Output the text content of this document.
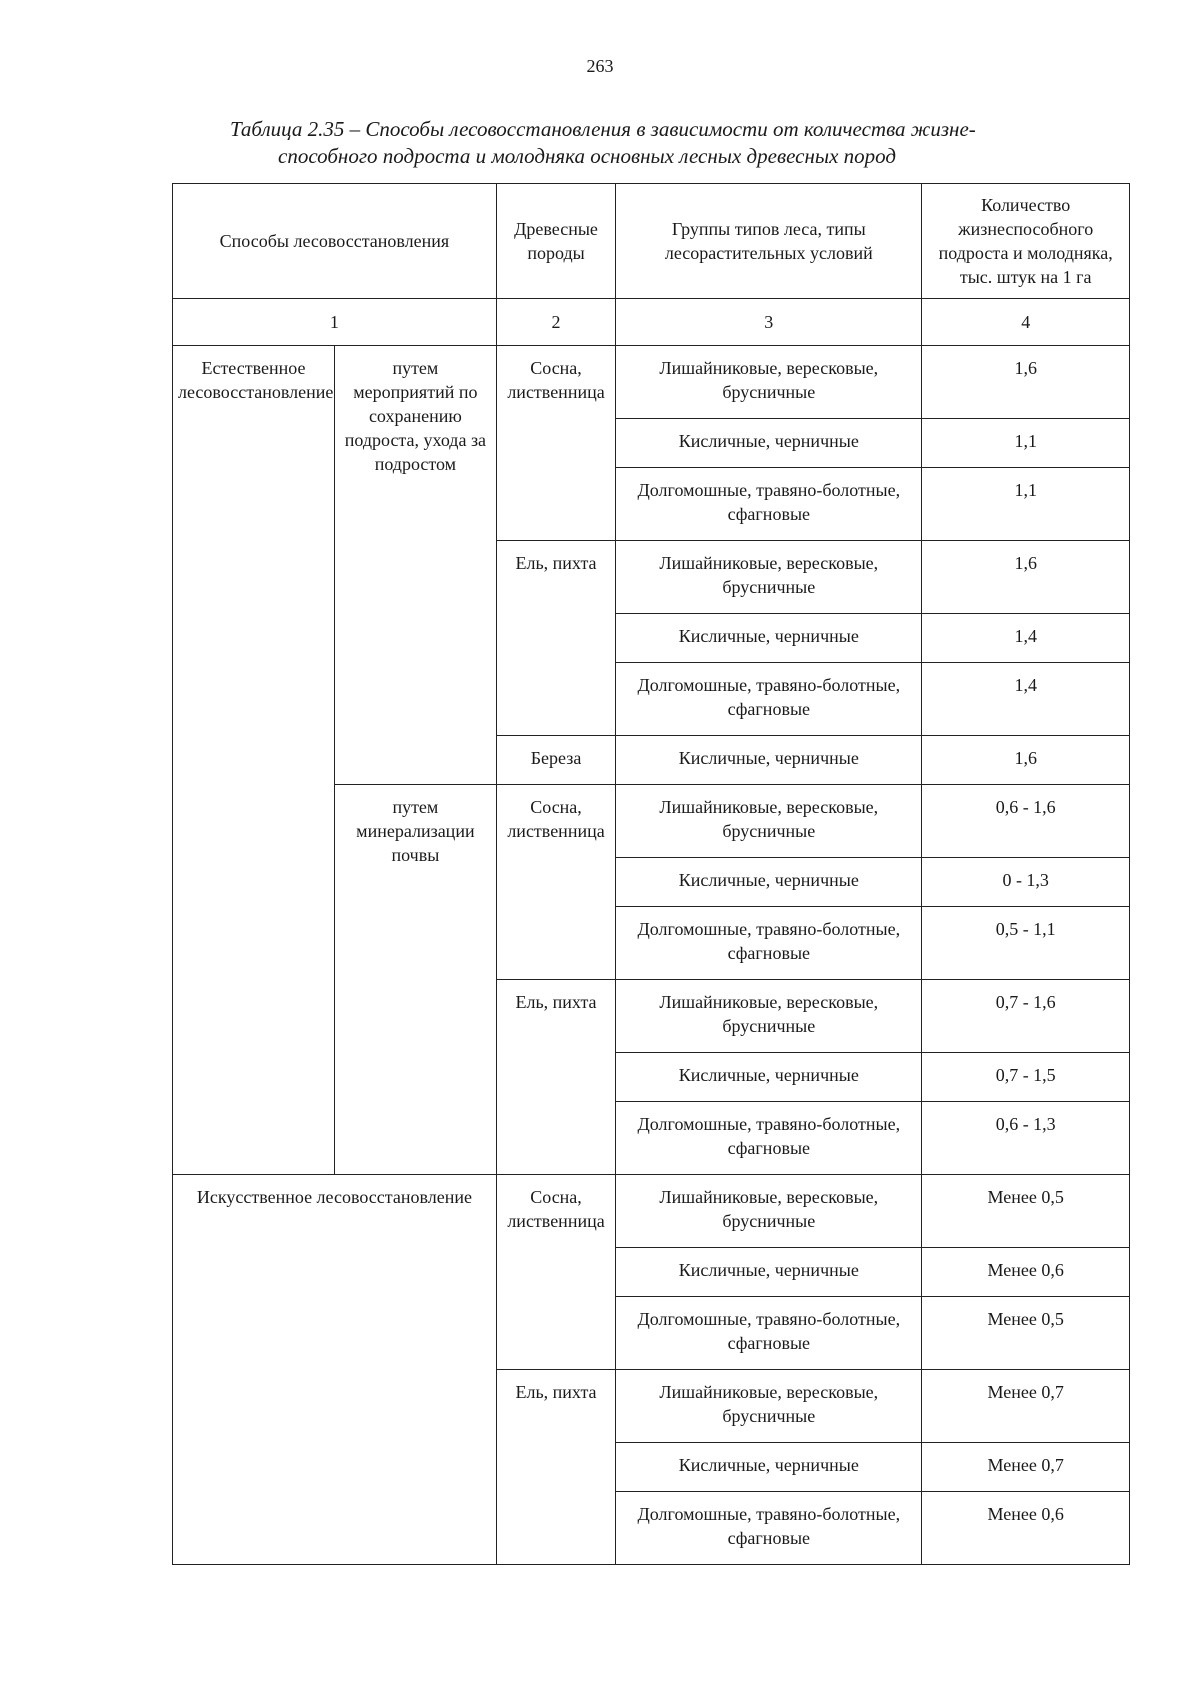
263
Таблица 2.35 – Способы лесовосстановления в зависимости от количества жизне-
способного подроста и молодняка основных лесных древесных пород
Способы лесовосстановления		Древесные породы	Группы типов леса, типы лесорастительных условий	Количество жизнеспособного подроста и молодняка, тыс. штук на 1 га
1		2	3	4
Естественное лесовосстановление	путем мероприятий по сохранению подроста, ухода за подростом	Сосна, лиственница	Лишайниковые, вересковые, брусничные	1,6
			Кисличные, черничные	1,1
			Долгомошные, травяно-болотные, сфагновые	1,1
		Ель, пихта	Лишайниковые, вересковые, брусничные	1,6
			Кисличные, черничные	1,4
			Долгомошные, травяно-болотные, сфагновые	1,4
		Береза	Кисличные, черничные	1,6
	путем минерализации почвы	Сосна, лиственница	Лишайниковые, вересковые, брусничные	0,6 - 1,6
			Кисличные, черничные	0 - 1,3
			Долгомошные, травяно-болотные, сфагновые	0,5 - 1,1
		Ель, пихта	Лишайниковые, вересковые, брусничные	0,7 - 1,6
			Кисличные, черничные	0,7 - 1,5
			Долгомошные, травяно-болотные, сфагновые	0,6 - 1,3
Искусственное лесовосстановление		Сосна, лиственница	Лишайниковые, вересковые, брусничные	Менее 0,5
			Кисличные, черничные	Менее 0,6
			Долгомошные, травяно-болотные, сфагновые	Менее 0,5
		Ель, пихта	Лишайниковые, вересковые, брусничные	Менее 0,7
			Кисличные, черничные	Менее 0,7
			Долгомошные, травяно-болотные, сфагновые	Менее 0,6
